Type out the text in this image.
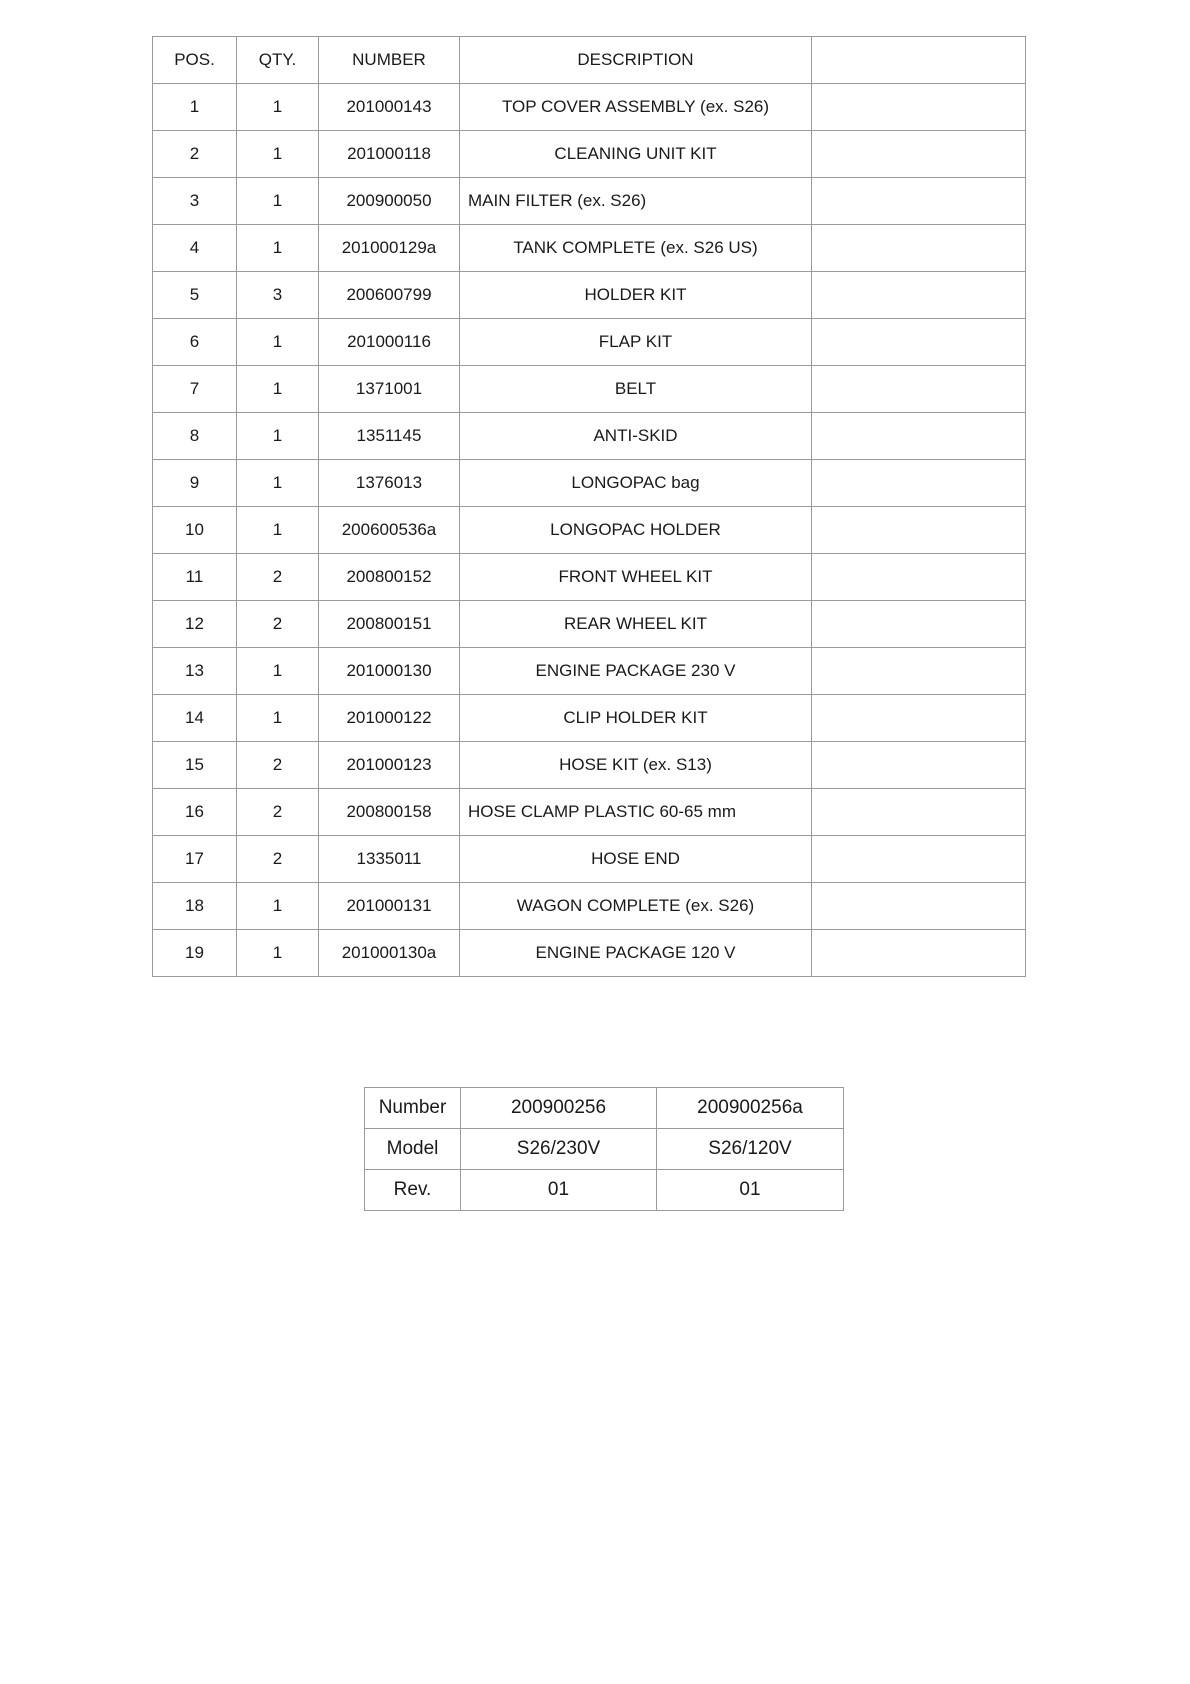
POS.	QTY.	NUMBER	DESCRIPTION	
1	1	201000143	TOP COVER ASSEMBLY (ex. S26)	
2	1	201000118	CLEANING UNIT KIT	
3	1	200900050	MAIN FILTER (ex. S26)	
4	1	201000129a	TANK COMPLETE (ex. S26 US)	
5	3	200600799	HOLDER KIT	
6	1	201000116	FLAP KIT	
7	1	1371001	BELT	
8	1	1351145	ANTI-SKID	
9	1	1376013	LONGOPAC bag	
10	1	200600536a	LONGOPAC HOLDER	
11	2	200800152	FRONT WHEEL KIT	
12	2	200800151	REAR WHEEL KIT	
13	1	201000130	ENGINE PACKAGE 230 V	
14	1	201000122	CLIP HOLDER KIT	
15	2	201000123	HOSE KIT (ex. S13)	
16	2	200800158	HOSE CLAMP PLASTIC 60-65 mm	
17	2	1335011	HOSE END	
18	1	201000131	WAGON COMPLETE (ex. S26)	
19	1	201000130a	ENGINE PACKAGE 120 V	
Number	200900256	200900256a
Model	S26/230V	S26/120V
Rev.	01	01
